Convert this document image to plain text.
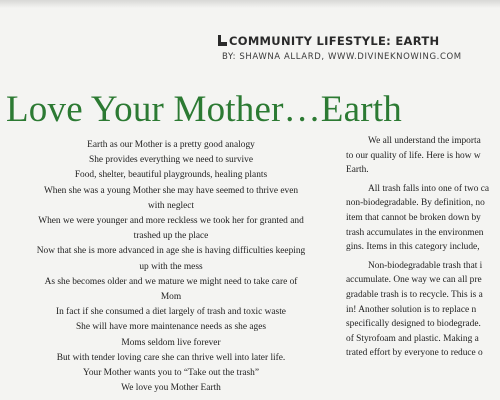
COMMUNITY LIFESTYLE: EARTH
BY: SHAWNA ALLARD, WWW.DIVINEKNOWING.COM
Love Your Mother…Earth
Earth as our Mother is a pretty good analogy
She provides everything we need to survive
Food, shelter, beautiful playgrounds, healing plants
When she was a young Mother she may have seemed to thrive even
with neglect
When we were younger and more reckless we took her for granted and
trashed up the place
Now that she is more advanced in age she is having difficulties keeping
up with the mess
As she becomes older and we mature we might need to take care of
Mom
In fact if she consumed a diet largely of trash and toxic waste
She will have more maintenance needs as she ages
Moms seldom live forever
But with tender loving care she can thrive well into later life.
Your Mother wants you to “Take out the trash”
We love you Mother Earth
We all understand the importa
to our quality of life. Here is how w
Earth.
All trash falls into one of two ca
non-biodegradable. By definition, no
item that cannot be broken down by
trash accumulates in the environmen
gins. Items in this category include,
Non-biodegradable trash that i
accumulate. One way we can all pre
gradable trash is to recycle. This is a
in! Another solution is to replace n
specifically designed to biodegrade.
of Styrofoam and plastic. Making a
trated effort by everyone to reduce o
